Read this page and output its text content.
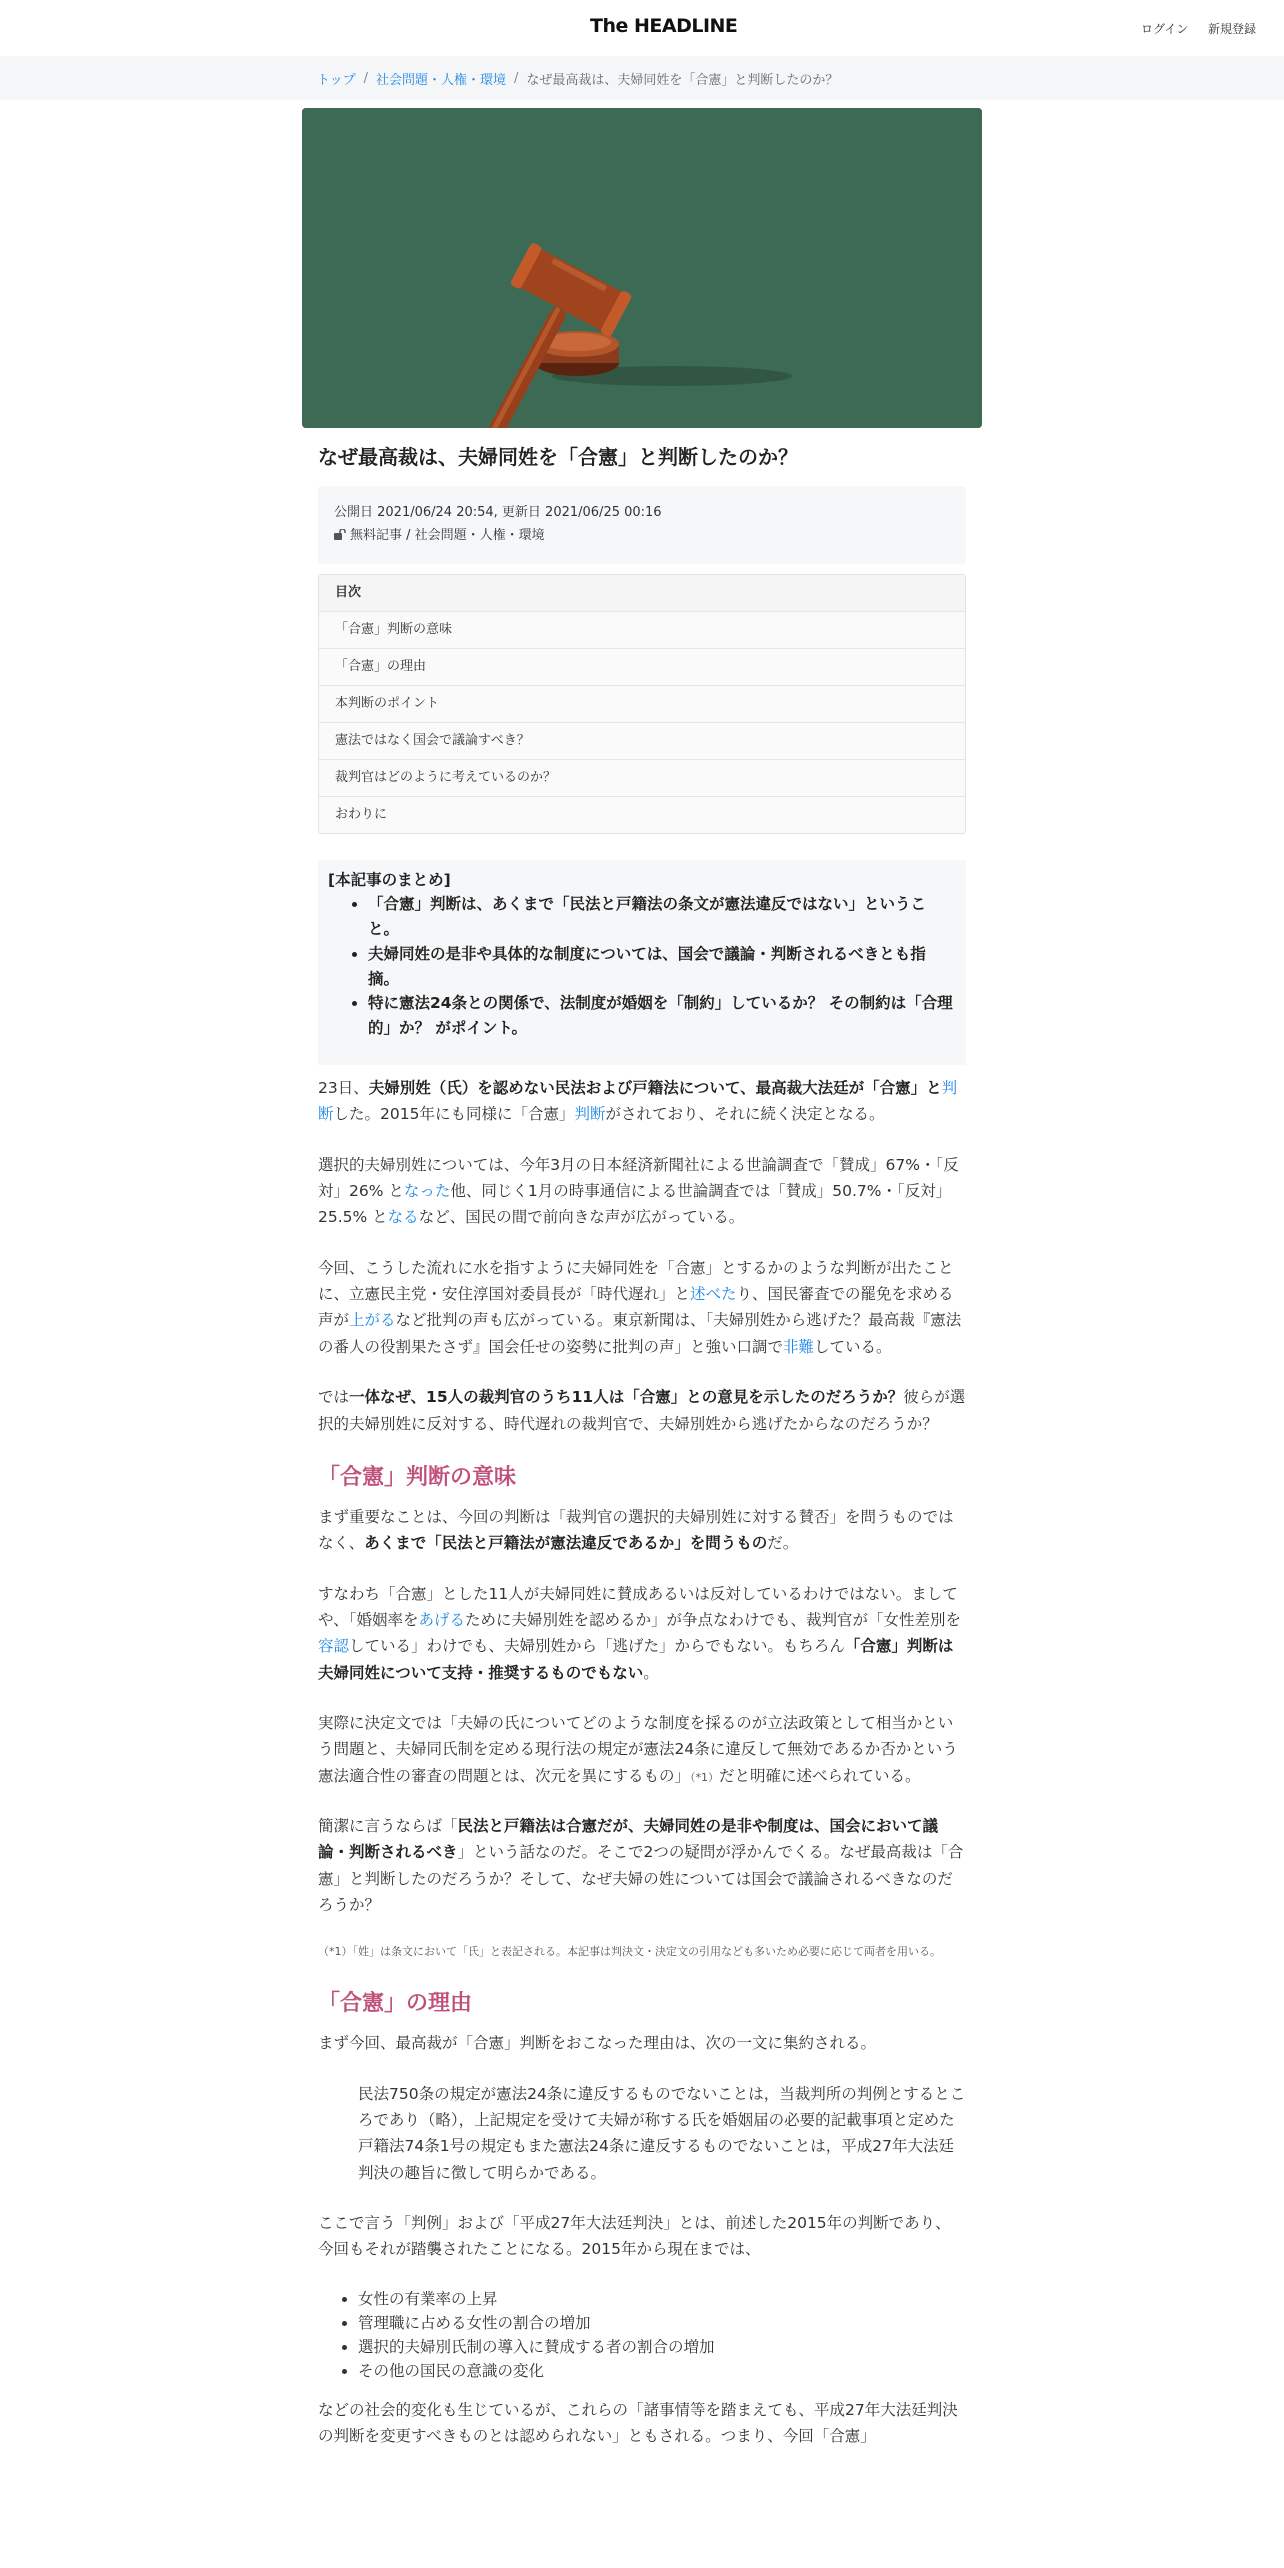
The HEADLINE	ログイン 新規登録
トップ / 社会問題・人権・環境 / なぜ最高裁は、夫婦同姓を「合憲」と判断したのか？
なぜ最高裁は、夫婦同姓を「合憲」と判断したのか？
公開日 2021/06/24 20:54, 更新日 2021/06/25 00:16
無料記事 / 社会問題・人権・環境
目次
「合憲」判断の意味
「合憲」の理由
本判断のポイント
憲法ではなく国会で議論すべき？
裁判官はどのように考えているのか？
おわりに
[本記事のまとめ]
• 「合憲」判断は、あくまで「民法と戸籍法の条文が憲法違反ではない」ということ。
• 夫婦同姓の是非や具体的な制度については、国会で議論・判断されるべきとも指摘。
• 特に憲法24条との関係で、法制度が婚姻を「制約」しているか？ その制約は「合理的」か？ がポイント。

23日、夫婦別姓（氏）を認めない民法および戸籍法について、最高裁大法廷が「合憲」と判断した。2015年にも同様に「合憲」判断がされており、それに続く決定となる。

選択的夫婦別姓については、今年3月の日本経済新聞社による世論調査で「賛成」67%・「反対」26% となった他、同じく1月の時事通信による世論調査では「賛成」50.7%・「反対」25.5% となるなど、国民の間で前向きな声が広がっている。

今回、こうした流れに水を指すように夫婦同姓を「合憲」とするかのような判断が出たことに、立憲民主党・安住淳国対委員長が「時代遅れ」と述べたり、国民審査での罷免を求める声が上がるなど批判の声も広がっている。東京新聞は、「夫婦別姓から逃げた？最高裁『憲法の番人の役割果たさず』国会任せの姿勢に批判の声」と強い口調で非難している。

では一体なぜ、15人の裁判官のうち11人は「合憲」との意見を示したのだろうか？彼らが選択的夫婦別姓に反対する、時代遅れの裁判官で、夫婦別姓から逃げたからなのだろうか？

「合憲」判断の意味

まず重要なことは、今回の判断は「裁判官の選択的夫婦別姓に対する賛否」を問うものではなく、あくまで「民法と戸籍法が憲法違反であるか」を問うものだ。

すなわち「合憲」とした11人が夫婦同姓に賛成あるいは反対しているわけではない。ましてや、「婚姻率をあげるために夫婦別姓を認めるか」が争点なわけでも、裁判官が「女性差別を容認している」わけでも、夫婦別姓から「逃げた」からでもない。もちろん「合憲」判断は夫婦同姓について支持・推奨するものでもない。

実際に決定文では「夫婦の氏についてどのような制度を採るのが立法政策として相当かという問題と、夫婦同氏制を定める現行法の規定が憲法24条に違反して無効であるか否かという憲法適合性の審査の問題とは、次元を異にするもの」（*1）だと明確に述べられている。

簡潔に言うならば「民法と戸籍法は合憲だが、夫婦同姓の是非や制度は、国会において議論・判断されるべき」という話なのだ。そこで2つの疑問が浮かんでくる。なぜ最高裁は「合憲」と判断したのだろうか？そして、なぜ夫婦の姓については国会で議論されるべきなのだろうか？

（*1）「姓」は条文において「氏」と表記される。本記事は判決文・決定文の引用なども多いため必要に応じて両者を用いる。
「合憲」の理由

まず今回、最高裁が「合憲」判断をおこなった理由は、次の一文に集約される。

民法750条の規定が憲法24条に違反するものでないことは，当裁判所の判例とするところであり（略），上記規定を受けて夫婦が称する氏を婚姻届の必要的記載事項と定めた戸籍法74条1号の規定もまた憲法24条に違反するものでないことは，平成27年大法廷判決の趣旨に徴して明らかである。

ここで言う「判例」および「平成27年大法廷判決」とは、前述した2015年の判断であり、今回もそれが踏襲されたことになる。2015年から現在までは、

• 女性の有業率の上昇
• 管理職に占める女性の割合の増加
• 選択的夫婦別氏制の導入に賛成する者の割合の増加
• その他の国民の意識の変化

などの社会的変化も生じているが、これらの「諸事情等を踏まえても、平成27年大法廷判決の判断を変更すべきものとは認められない」ともされる。つまり、今回「合憲」
